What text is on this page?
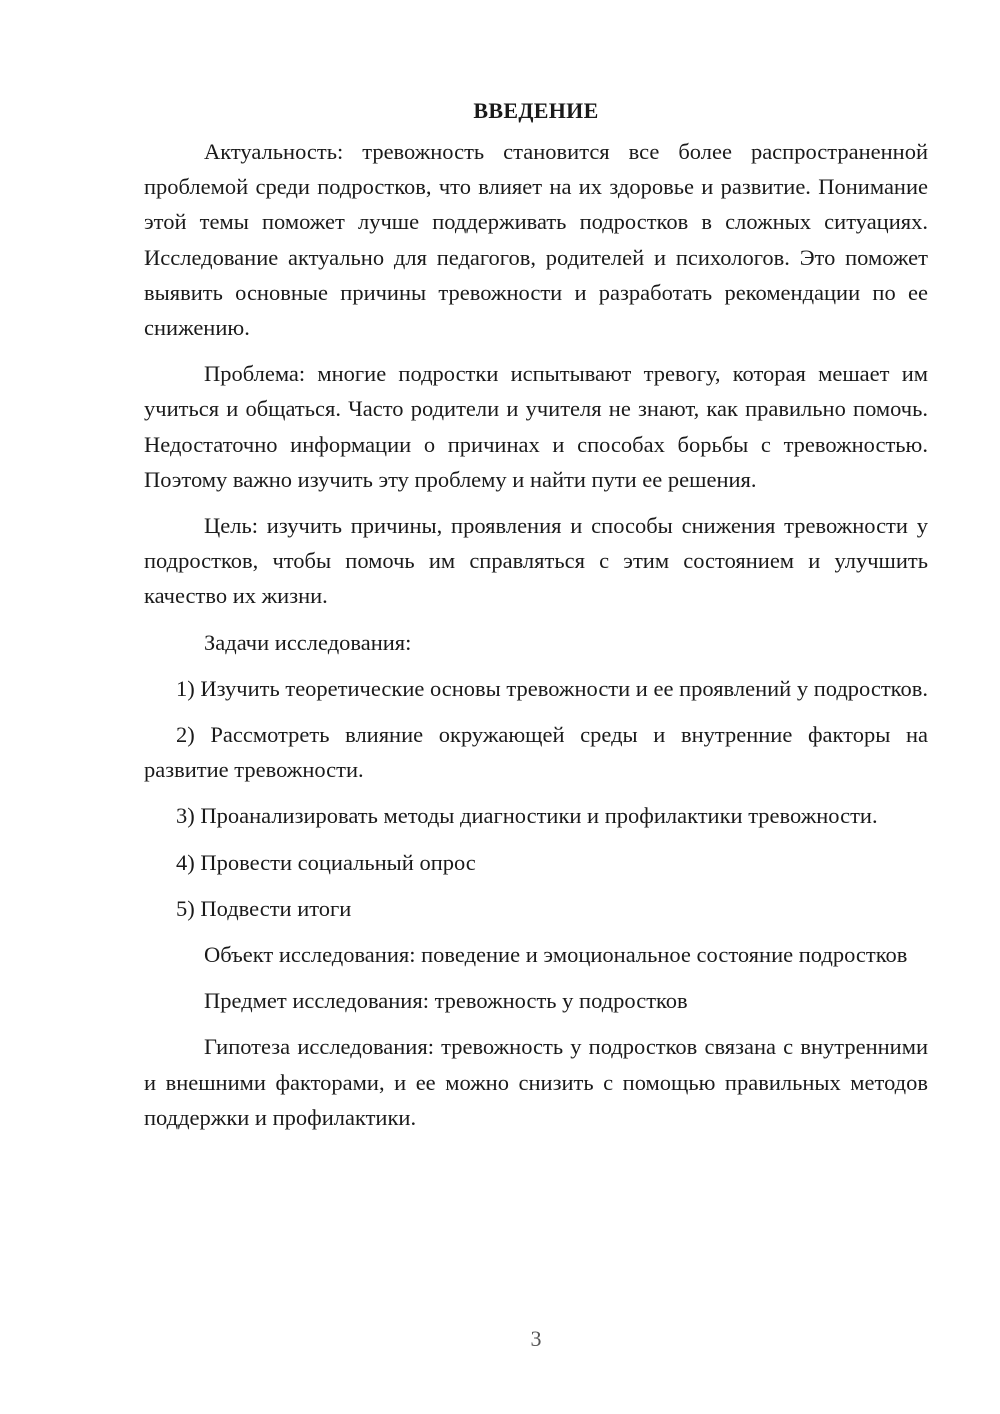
ВВЕДЕНИЕ

Актуальность: тревожность становится все более распространенной проблемой среди подростков, что влияет на их здоровье и развитие. Понимание этой темы поможет лучше поддерживать подростков в сложных ситуациях. Исследование актуально для педагогов, родителей и психологов. Это поможет выявить основные причины тревожности и разработать рекомендации по ее снижению.

Проблема: многие подростки испытывают тревогу, которая мешает им учиться и общаться. Часто родители и учителя не знают, как правильно помочь. Недостаточно информации о причинах и способах борьбы с тревожностью. Поэтому важно изучить эту проблему и найти пути ее решения.

Цель: изучить причины, проявления и способы снижения тревожности у подростков, чтобы помочь им справляться с этим состоянием и улучшить качество их жизни.

Задачи исследования:

1) Изучить теоретические основы тревожности и ее проявлений у подростков.

2) Рассмотреть влияние окружающей среды и внутренние факторы на развитие тревожности.

3) Проанализировать методы диагностики и профилактики тревожности.

4) Провести социальный опрос

5) Подвести итоги

Объект исследования: поведение и эмоциональное состояние подростков

Предмет исследования: тревожность у подростков

Гипотеза исследования: тревожность у подростков связана с внутренними и внешними факторами, и ее можно снизить с помощью правильных методов поддержки и профилактики.

3
